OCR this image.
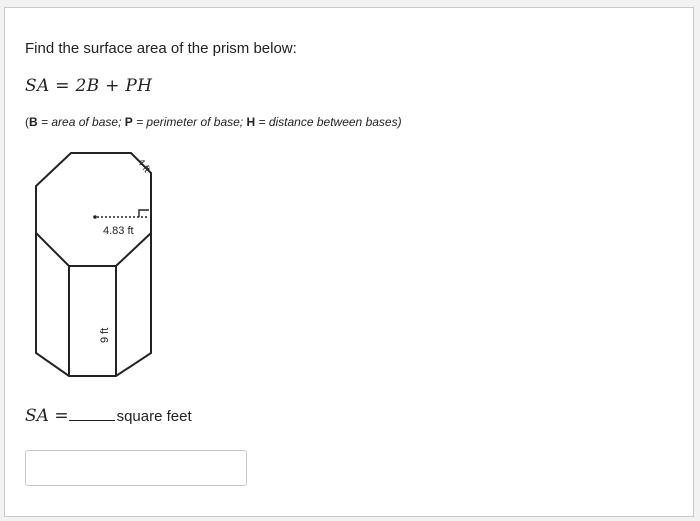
Find the surface area of the prism below:
SA = 2B + PH
(B = area of base; P = perimeter of base; H = distance between bases)
4 ft
4.83 ft
9 ft
SA =	square feet
